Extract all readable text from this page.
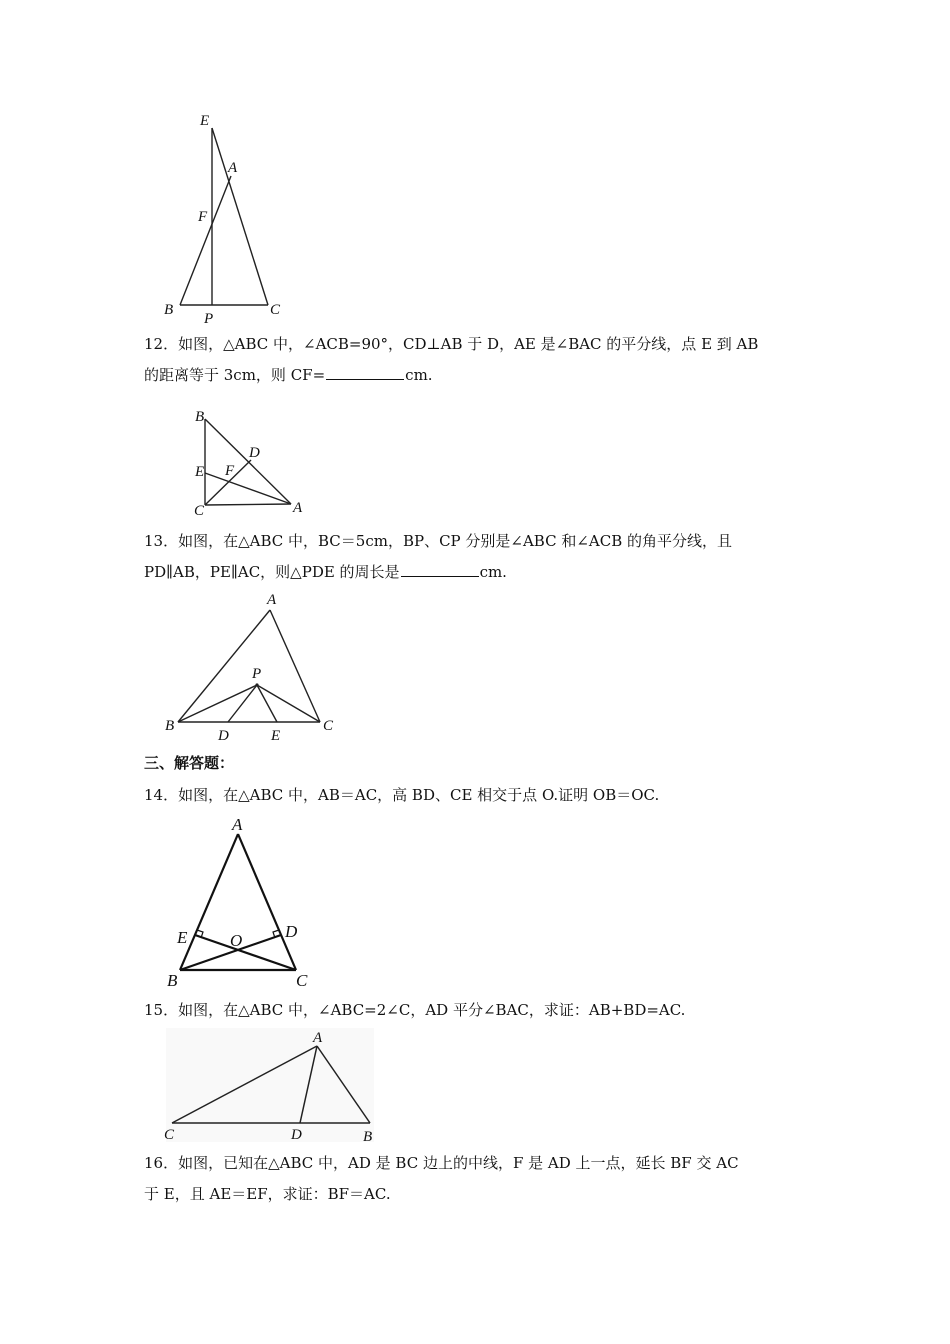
E
A
F
B
P
C
12．如图，△ABC 中，∠ACB=90°，CD⊥AB 于 D，AE 是∠BAC 的平分线，点 E 到 AB
的距离等于 3cm，则 CF=	cm.
B
D
E F
C	A
13．如图，在△ABC 中，BC＝5cm，BP、CP 分别是∠ABC 和∠ACB 的角平分线，且
PD∥AB，PE∥AC，则△PDE 的周长是	cm.
A
P
B
D	E
C
三、解答题：
14．如图，在△ABC 中，AB＝AC，高 BD、CE 相交于点 O.证明 OB＝OC.
A
E	O	D
B	C
15．如图，在△ABC 中，∠ABC=2∠C，AD 平分∠BAC，求证：AB+BD=AC.
A
C	D	B
16．如图，已知在△ABC 中，AD 是 BC 边上的中线，F 是 AD 上一点，延长 BF 交 AC
于 E，且 AE＝EF，求证：BF＝AC.
